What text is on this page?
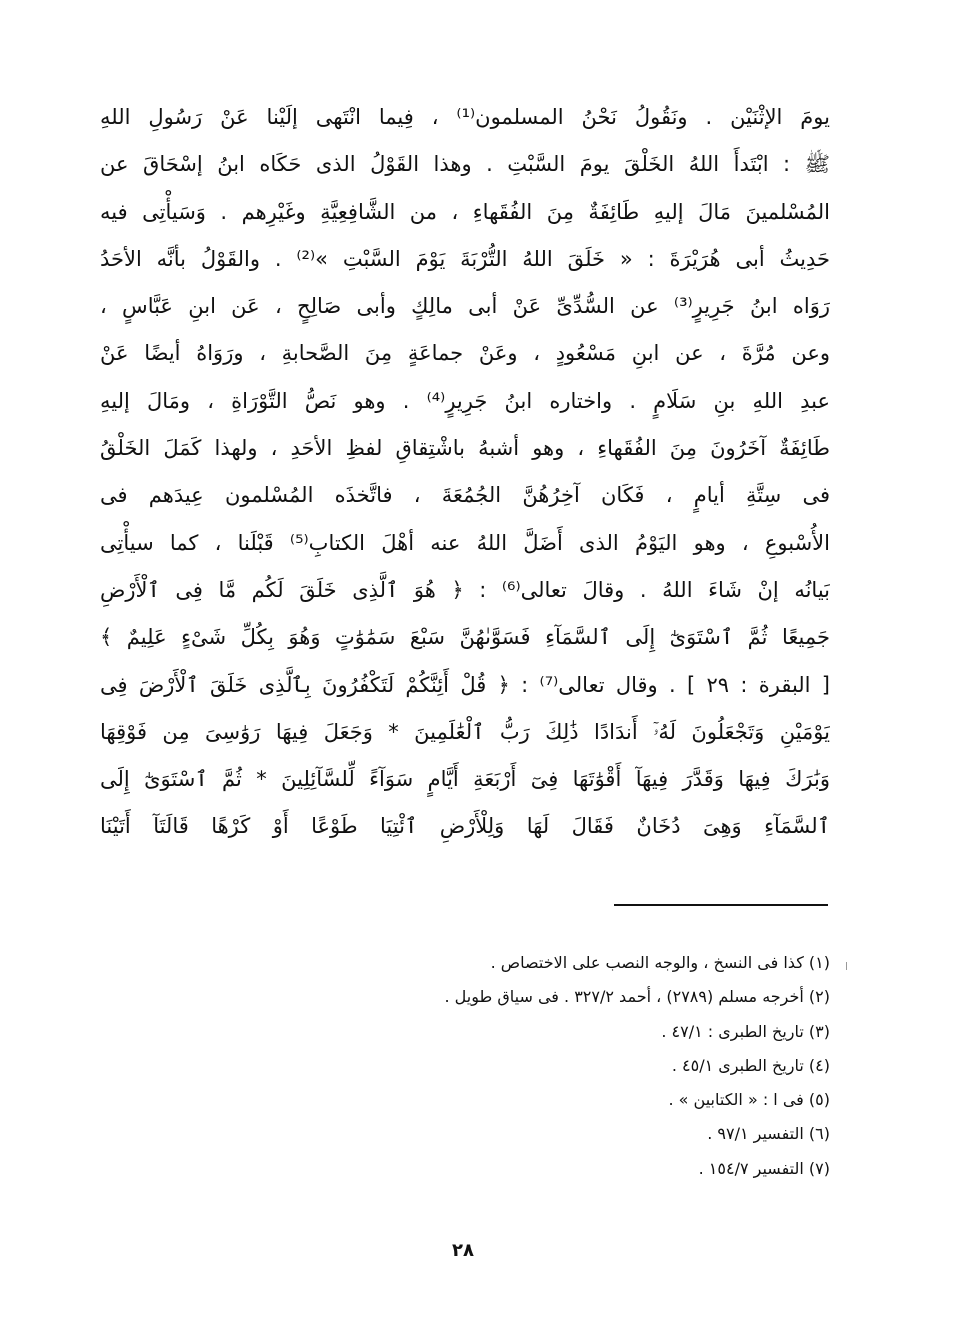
يومَ الإثْنَيْن . ونَقُولُ نَحْنُ المسلمون⁽¹⁾ ، فِيما انْتَهى إلَيْنا عَنْ رَسُولِ اللهِ
ﷺ : ابْتَدأَ اللهُ الخَلْقَ يومَ السَّبْتِ . وهذا القَوْلُ الذى حَكَاه ابنُ إسْحَاقَ عن
المُسْلمينَ مَالَ إليهِ طَائِفَةٌ مِنَ الفُقَهاءِ ، من الشَّافِعِيَّةِ وغَيْرِهم . وَسَيأْتِى فيه
حَدِيثُ أبى هُرَيْرَةَ : « خَلَقَ اللهُ التُّرْبَةَ يَوْمَ السَّبْتِ »⁽²⁾ . والقَوْلُ بأنَّه الأحَدُ
رَوَاه ابنُ جَرِيرٍ⁽³⁾ عن السُّدِّىِّ عَنْ أبى مالِكٍ وأبى صَالِحٍ ، عَن ابنِ عَبَّاسٍ ،
وعن مُرَّةَ ، عن ابنِ مَسْعُودٍ ، وعَنْ جماعَةٍ مِنَ الصَّحابةِ ، ورَوَاهُ أيضًا عَنْ
عبدِ اللهِ بنِ سَلَامٍ . واختاره ابنُ جَرِيرٍ⁽⁴⁾ . وهو نَصُّ التَّوْرَاةِ ، ومَالَ إليهِ
طَائِفَةٌ آخَرُونَ مِنَ الفُقَهاءِ ، وهو أشبهُ باشْتِقاقِ لفظِ الأحَدِ ، ولهذا كَمَلَ الخَلْقُ
فى سِتَّةِ أيامٍ ، فَكَان آخِرُهُنَّ الجُمُعَةَ ، فاتَّخذَه المُسْلمون عِيدَهم فى
الأُسْبوعِ ، وهو اليَوْمُ الذى أَضَلَّ اللهُ عنه أهْلَ الكتابِ⁽⁵⁾ قَبْلَنا ، كما سيأْتِى
بَيانُه إنْ شَاءَ اللهُ . وقالَ تعالى⁽⁶⁾ : ﴿ هُوَ ٱلَّذِى خَلَقَ لَكُم مَّا فِى ٱلْأَرْضِ
جَمِيعًا ثُمَّ ٱسْتَوَىٰٓ إِلَى ٱلسَّمَآءِ فَسَوَّىٰهُنَّ سَبْعَ سَمَٰوَٰتٍ وَهُوَ بِكُلِّ شَىْءٍ عَلِيمٌ ﴾
[ البقرة : ٢٩ ] . وقال تعالى⁽⁷⁾ : ﴿ قُلْ أَئِنَّكُمْ لَتَكْفُرُونَ بِٱلَّذِى خَلَقَ ٱلْأَرْضَ فِى
يَوْمَيْنِ وَتَجْعَلُونَ لَهُۥٓ أَندَادًا ذَٰلِكَ رَبُّ ٱلْعَٰلَمِينَ * وَجَعَلَ فِيهَا رَوَٰسِىَ مِن فَوْقِهَا
وَبَٰرَكَ فِيهَا وَقَدَّرَ فِيهَآ أَقْوَٰتَهَا فِىٓ أَرْبَعَةِ أَيَّامٍ سَوَآءً لِّلسَّآئِلِينَ * ثُمَّ ٱسْتَوَىٰٓ إِلَى
ٱلسَّمَآءِ وَهِىَ دُخَانٌ فَقَالَ لَهَا وَلِلْأَرْضِ ٱئْتِيَا طَوْعًا أَوْ كَرْهًا قَالَتَآ أَتَيْنَا
(١) كذا فى النسخ ، والوجه النصب على الاختصاص .
(٢) أخرجه مسلم (٢٧٨٩) ، أحمد ٣٢٧/٢ . فى سياق طويل .
(٣) تاريخ الطبرى : ٤٧/١ .
(٤) تاريخ الطبرى ٤٥/١ .
(٥) فى ا : « الكتابين » .
(٦) التفسير ٩٧/١ .
(٧) التفسير ١٥٤/٧ .
٢٨
